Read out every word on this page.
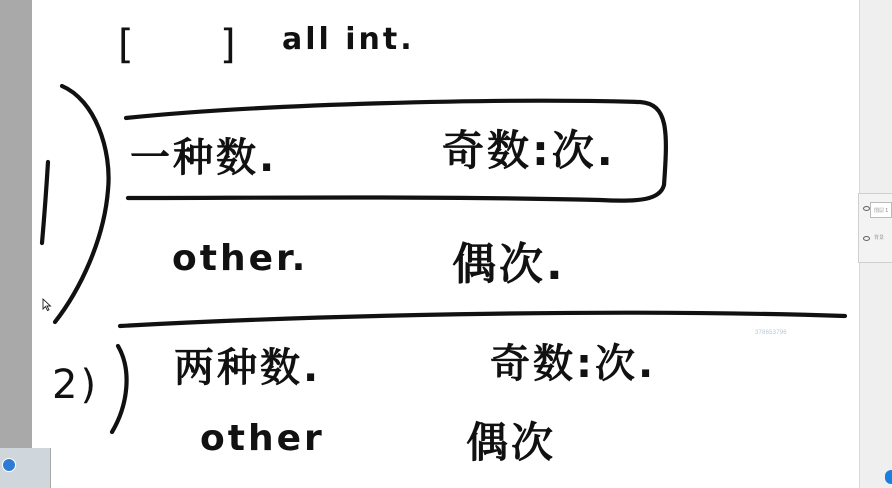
[ ] all int.
一种数.	奇数:次.
other.	偶次.
2) 两种数.	奇数:次.
other	偶次
378653796
图层 1
背景
